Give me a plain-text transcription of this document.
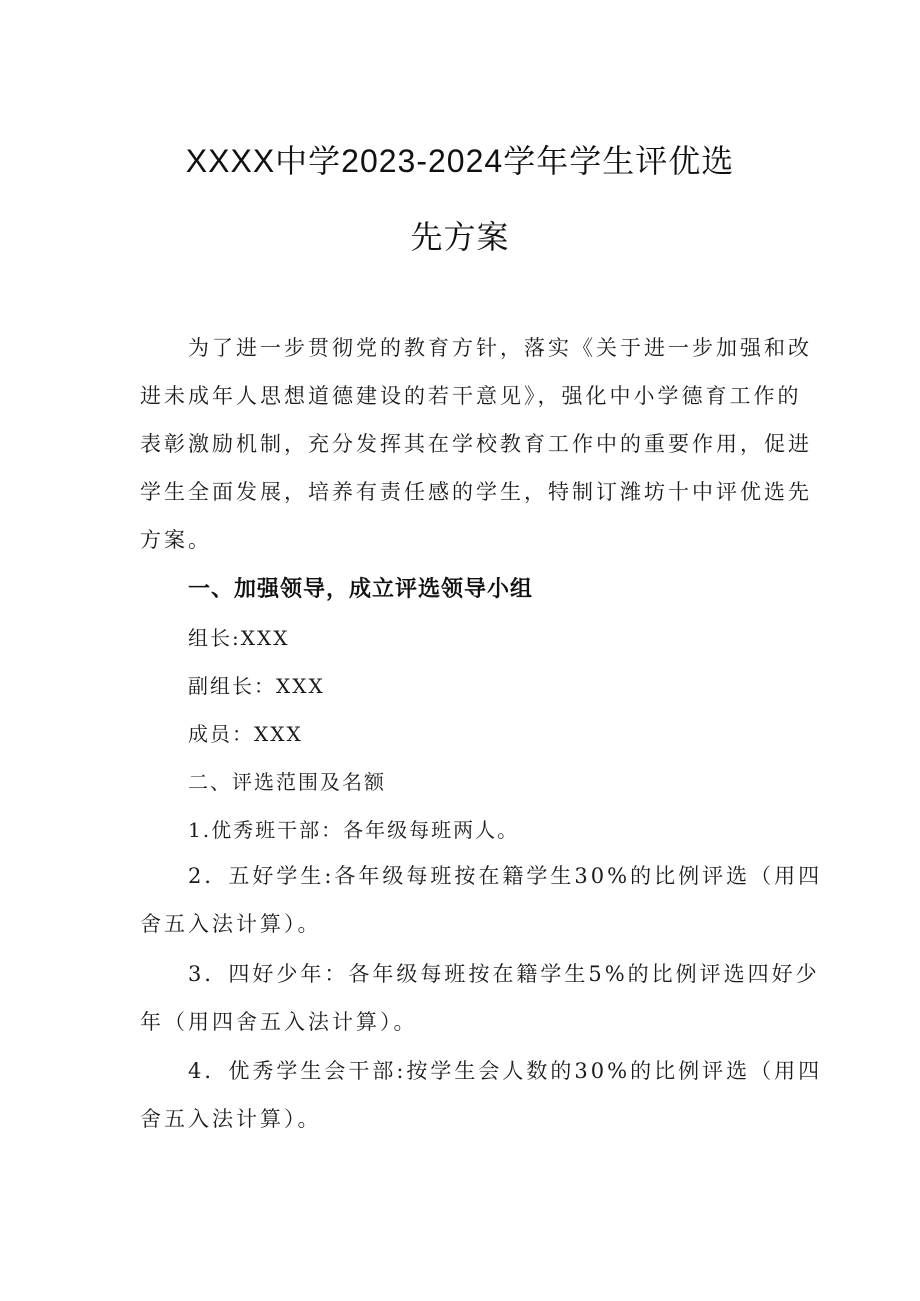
XXXX中学2023-2024学年学生评优选
先方案
为了进一步贯彻党的教育方针，落实《关于进一步加强和改
进未成年人思想道德建设的若干意见》，强化中小学德育工作的
表彰激励机制，充分发挥其在学校教育工作中的重要作用，促进
学生全面发展，培养有责任感的学生，特制订潍坊十中评优选先
方案。
一、加强领导，成立评选领导小组
组长:XXX
副组长：XXX
成员：XXX
二、评选范围及名额
1.优秀班干部：各年级每班两人。
2．五好学生:各年级每班按在籍学生30%的比例评选（用四
舍五入法计算）。
3．四好少年：各年级每班按在籍学生5%的比例评选四好少
年（用四舍五入法计算）。
4．优秀学生会干部:按学生会人数的30%的比例评选（用四
舍五入法计算）。
